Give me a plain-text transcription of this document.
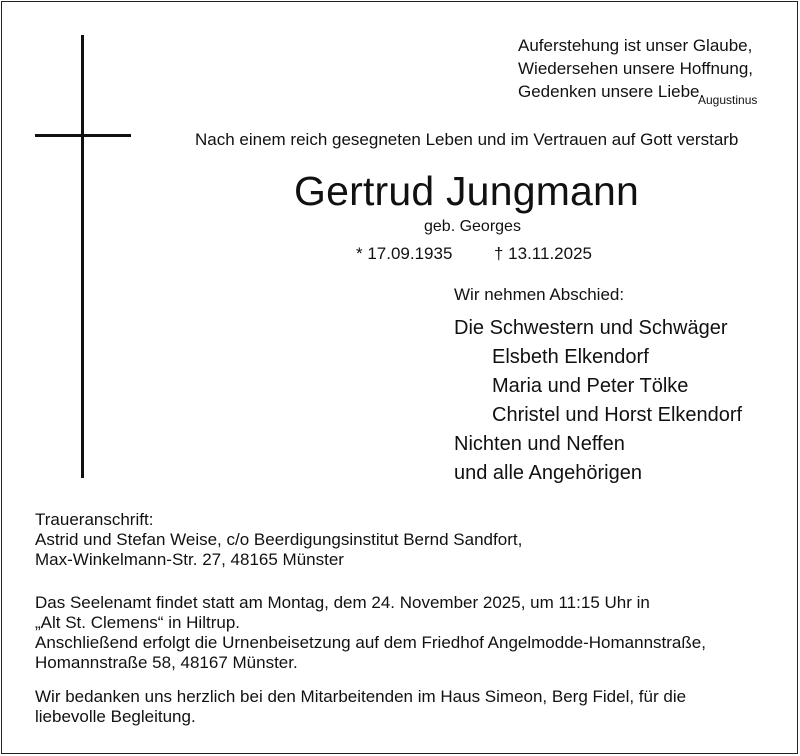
Auferstehung ist unser Glaube,
Wiedersehen unsere Hoffnung,
Gedenken unsere Liebe.
Augustinus
Nach einem reich gesegneten Leben und im Vertrauen auf Gott verstarb
Gertrud Jungmann
geb. Georges
* 17.09.1935 † 13.11.2025
Wir nehmen Abschied:
Die Schwestern und Schwäger
Elsbeth Elkendorf
Maria und Peter Tölke
Christel und Horst Elkendorf
Nichten und Neffen
und alle Angehörigen
Traueranschrift:
Astrid und Stefan Weise, c/o Beerdigungsinstitut Bernd Sandfort,
Max-Winkelmann-Str. 27, 48165 Münster
Das Seelenamt findet statt am Montag, dem 24. November 2025, um 11:15 Uhr in
„Alt St. Clemens“ in Hiltrup.
Anschließend erfolgt die Urnenbeisetzung auf dem Friedhof Angelmodde-Homannstraße,
Homannstraße 58, 48167 Münster.
Wir bedanken uns herzlich bei den Mitarbeitenden im Haus Simeon, Berg Fidel, für die
liebevolle Begleitung.
